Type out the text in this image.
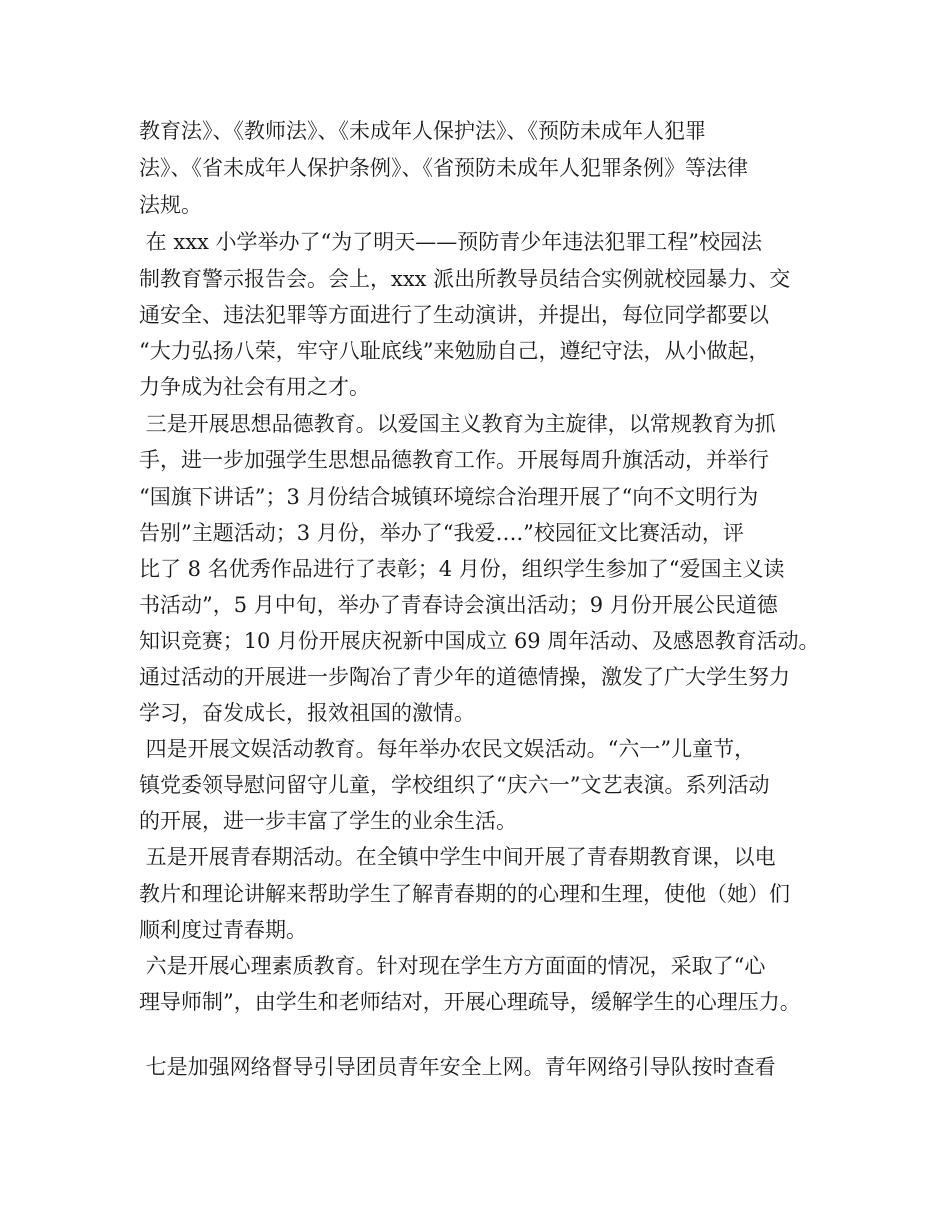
教育法》、《教师法》、《未成年人保护法》、《预防未成年人犯罪
法》、《省未成年人保护条例》、《省预防未成年人犯罪条例》等法律
法规。
在 xxx 小学举办了“为了明天——预防青少年违法犯罪工程”校园法
制教育警示报告会。会上，xxx 派出所教导员结合实例就校园暴力、交
通安全、违法犯罪等方面进行了生动演讲，并提出，每位同学都要以
“大力弘扬八荣，牢守八耻底线”来勉励自己，遵纪守法，从小做起，
力争成为社会有用之才。
三是开展思想品德教育。以爱国主义教育为主旋律，以常规教育为抓
手，进一步加强学生思想品德教育工作。开展每周升旗活动，并举行
“国旗下讲话”；3 月份结合城镇环境综合治理开展了“向不文明行为
告别”主题活动；3 月份，举办了“我爱….”校园征文比赛活动，评
比了 8 名优秀作品进行了表彰；4 月份，组织学生参加了“爱国主义读
书活动”，5 月中旬，举办了青春诗会演出活动；9 月份开展公民道德
知识竞赛；10 月份开展庆祝新中国成立 69 周年活动、及感恩教育活动。
通过活动的开展进一步陶冶了青少年的道德情操，激发了广大学生努力
学习，奋发成长，报效祖国的激情。
四是开展文娱活动教育。每年举办农民文娱活动。“六一”儿童节，
镇党委领导慰问留守儿童，学校组织了“庆六一”文艺表演。系列活动
的开展，进一步丰富了学生的业余生活。
五是开展青春期活动。在全镇中学生中间开展了青春期教育课，以电
教片和理论讲解来帮助学生了解青春期的的心理和生理，使他（她）们
顺利度过青春期。
六是开展心理素质教育。针对现在学生方方面面的情况，采取了“心
理导师制”，由学生和老师结对，开展心理疏导，缓解学生的心理压力。
七是加强网络督导引导团员青年安全上网。青年网络引导队按时查看
